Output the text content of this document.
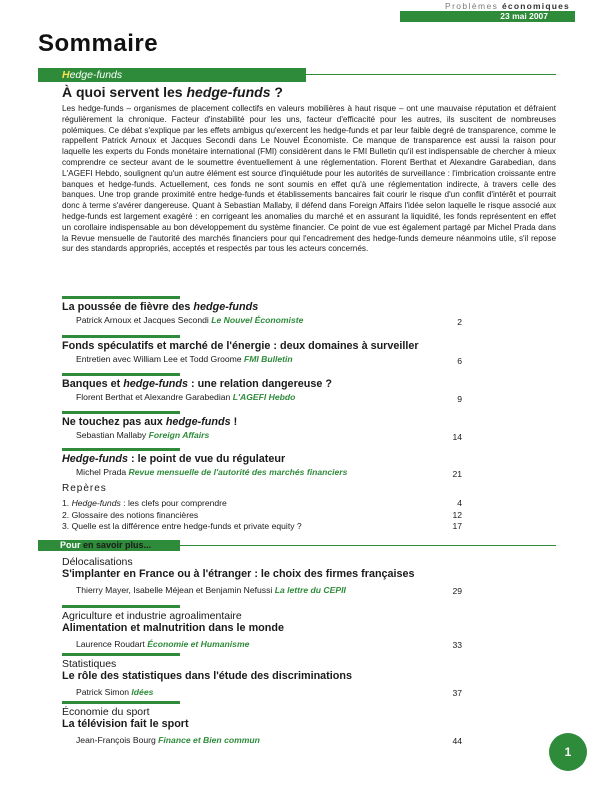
Problèmes économiques
23 mai 2007
Sommaire
Hedge-funds
À quoi servent les hedge-funds ?

Les hedge-funds – organismes de placement collectifs en valeurs mobilières à haut risque – ont une mauvaise réputation et défraient régulièrement la chronique. Facteur d'instabilité pour les uns, facteur d'efficacité pour les autres, ils suscitent de nombreuses polémiques. Ce débat s'explique par les effets ambigus qu'exercent les hedge-funds et par leur faible degré de transparence, comme le rappellent Patrick Arnoux et Jacques Secondi dans Le Nouvel Économiste. Ce manque de transparence est aussi la raison pour laquelle les experts du Fonds monétaire international (FMI) considèrent dans le FMI Bulletin qu'il est indispensable de chercher à mieux comprendre ce secteur avant de le soumettre éventuellement à une réglementation. Florent Berthat et Alexandre Garabedian, dans L'AGEFI Hebdo, soulignent qu'un autre élément est source d'inquiétude pour les autorités de surveillance : l'imbrication croissante entre banques et hedge-funds. Actuellement, ces fonds ne sont soumis en effet qu'à une réglementation indirecte, à travers celle des banques. Une trop grande proximité entre hedge-funds et établissements bancaires fait courir le risque d'un conflit d'intérêt et pourrait donc à terme s'avérer dangereuse. Quant à Sebastian Mallaby, il défend dans Foreign Affairs l'idée selon laquelle le risque associé aux hedge-funds est largement exagéré : en corrigeant les anomalies du marché et en assurant la liquidité, les fonds représentent en effet un corollaire indispensable au bon développement du système financier. Ce point de vue est également partagé par Michel Prada dans la Revue mensuelle de l'autorité des marchés financiers pour qui l'encadrement des hedge-funds demeure néanmoins utile, s'il repose sur des standards appropriés, acceptés et respectés par tous les acteurs concernés.

La poussée de fièvre des hedge-funds
Patrick Arnoux et Jacques Secondi Le Nouvel Économiste	2
Fonds spéculatifs et marché de l'énergie : deux domaines à surveiller
Entretien avec William Lee et Todd Groome FMI Bulletin	6
Banques et hedge-funds : une relation dangereuse ?
Florent Berthat et Alexandre Garabedian L'AGEFI Hebdo	9
Ne touchez pas aux hedge-funds !
Sebastian Mallaby Foreign Affairs	14
Hedge-funds : le point de vue du régulateur
Michel Prada Revue mensuelle de l'autorité des marchés financiers	21
Repères
1. Hedge-funds : les clefs pour comprendre	4
2. Glossaire des notions financières	12
3. Quelle est la différence entre hedge-funds et private equity ?	17
Pour en savoir plus...
Délocalisations
S'implanter en France ou à l'étranger : le choix des firmes françaises
Thierry Mayer, Isabelle Méjean et Benjamin Nefussi La lettre du CEPII	29
Agriculture et industrie agroalimentaire
Alimentation et malnutrition dans le monde
Laurence Roudart Économie et Humanisme	33
Statistiques
Le rôle des statistiques dans l'étude des discriminations
Patrick Simon Idées	37
Économie du sport
La télévision fait le sport
Jean-François Bourg Finance et Bien commun	44
1
